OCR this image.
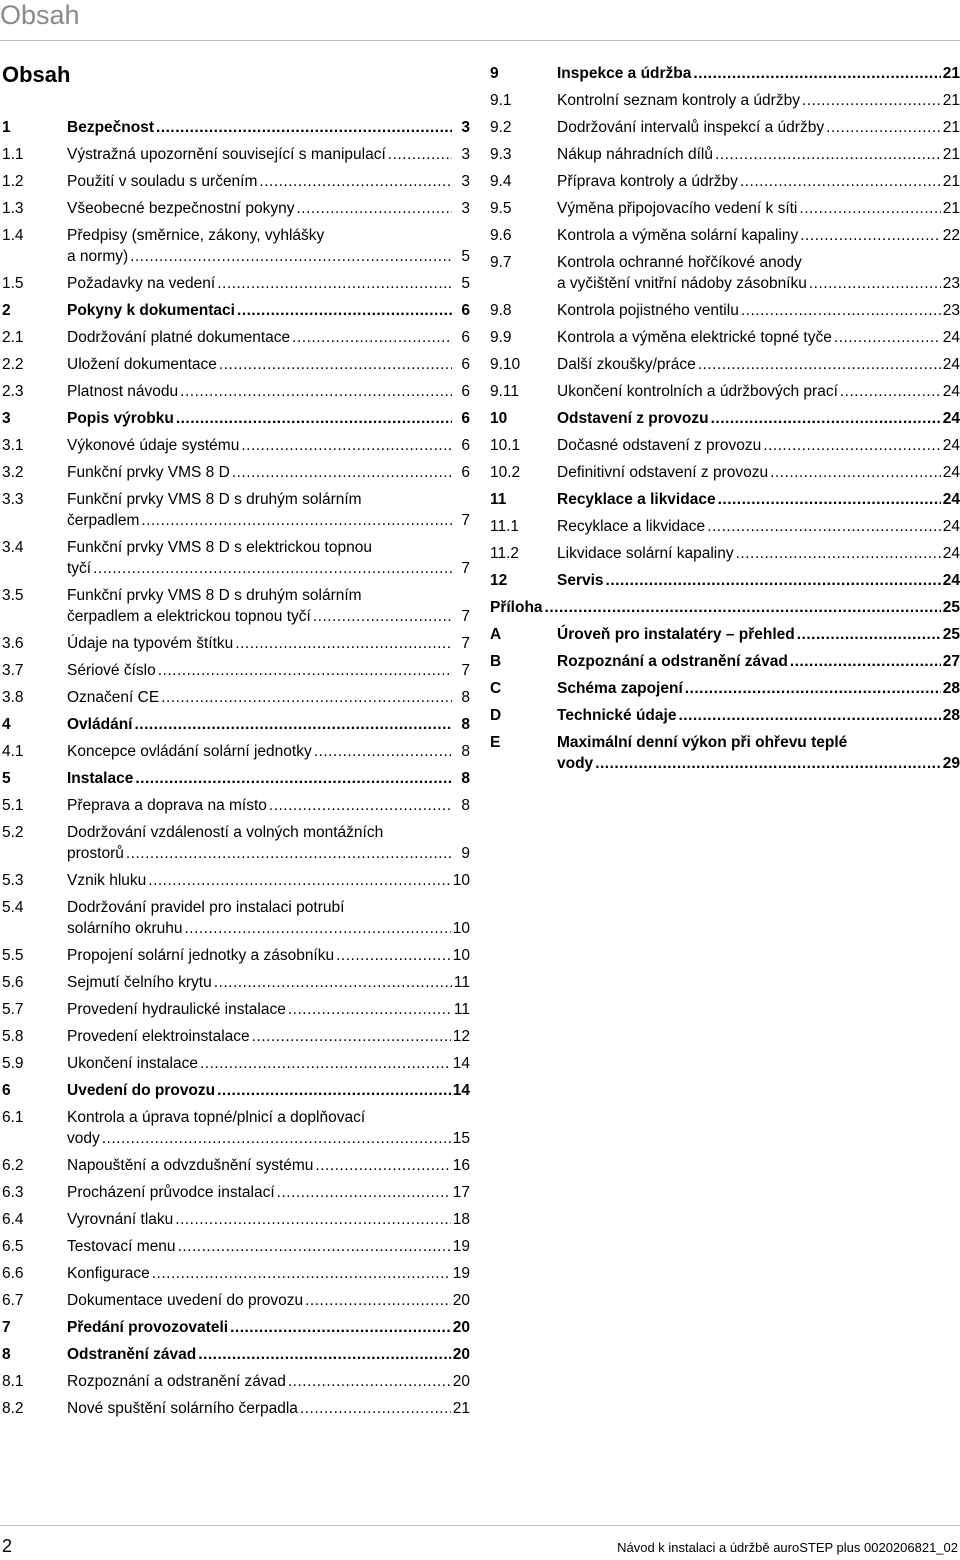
Obsah
Obsah
1	Bezpečnost .....	3
1.1	Výstražná upozornění související s manipulací .....	3
1.2	Použití v souladu s určením .....	3
1.3	Všeobecné bezpečnostní pokyny .....	3
1.4	Předpisy (směrnice, zákony, vyhlášky
a normy) .....	5
1.5	Požadavky na vedení .....	5
2	Pokyny k dokumentaci .....	6
2.1	Dodržování platné dokumentace .....	6
2.2	Uložení dokumentace .....	6
2.3	Platnost návodu .....	6
3	Popis výrobku .....	6
3.1	Výkonové údaje systému .....	6
3.2	Funkční prvky VMS 8 D .....	6
3.3	Funkční prvky VMS 8 D s druhým solárním
čerpadlem .....	7
3.4	Funkční prvky VMS 8 D s elektrickou topnou
tyčí .....	7
3.5	Funkční prvky VMS 8 D s druhým solárním
čerpadlem a elektrickou topnou tyčí .....	7
3.6	Údaje na typovém štítku .....	7
3.7	Sériové číslo .....	7
3.8	Označení CE .....	8
4	Ovládání .....	8
4.1	Koncepce ovládání solární jednotky .....	8
5	Instalace .....	8
5.1	Přeprava a doprava na místo .....	8
5.2	Dodržování vzdáleností a volných montážních
prostorů .....	9
5.3	Vznik hluku .....	10
5.4	Dodržování pravidel pro instalaci potrubí
solárního okruhu .....	10
5.5	Propojení solární jednotky a zásobníku .....	10
5.6	Sejmutí čelního krytu .....	11
5.7	Provedení hydraulické instalace .....	11
5.8	Provedení elektroinstalace .....	12
5.9	Ukončení instalace .....	14
6	Uvedení do provozu .....	14
6.1	Kontrola a úprava topné/plnicí a doplňovací
vody .....	15
6.2	Napouštění a odvzdušnění systému .....	16
6.3	Procházení průvodce instalací .....	17
6.4	Vyrovnání tlaku .....	18
6.5	Testovací menu .....	19
6.6	Konfigurace .....	19
6.7	Dokumentace uvedení do provozu .....	20
7	Předání provozovateli .....	20
8	Odstranění závad .....	20
8.1	Rozpoznání a odstranění závad .....	20
8.2	Nové spuštění solárního čerpadla .....	21
9	Inspekce a údržba .....	21
9.1	Kontrolní seznam kontroly a údržby .....	21
9.2	Dodržování intervalů inspekcí a údržby .....	21
9.3	Nákup náhradních dílů .....	21
9.4	Příprava kontroly a údržby .....	21
9.5	Výměna připojovacího vedení k síti .....	21
9.6	Kontrola a výměna solární kapaliny .....	22
9.7	Kontrola ochranné hořčíkové anody
a vyčištění vnitřní nádoby zásobníku .....	23
9.8	Kontrola pojistného ventilu .....	23
9.9	Kontrola a výměna elektrické topné tyče .....	24
9.10	Další zkoušky/práce .....	24
9.11	Ukončení kontrolních a údržbových prací .....	24
10	Odstavení z provozu .....	24
10.1	Dočasné odstavení z provozu .....	24
10.2	Definitivní odstavení z provozu .....	24
11	Recyklace a likvidace .....	24
11.1	Recyklace a likvidace .....	24
11.2	Likvidace solární kapaliny .....	24
12	Servis .....	24
Příloha .....	25
A	Úroveň pro instalatéry – přehled .....	25
B	Rozpoznání a odstranění závad .....	27
C	Schéma zapojení .....	28
D	Technické údaje .....	28
E	Maximální denní výkon při ohřevu teplé
vody .....	29
2	Návod k instalaci a údržbě auroSTEP plus 0020206821_02
